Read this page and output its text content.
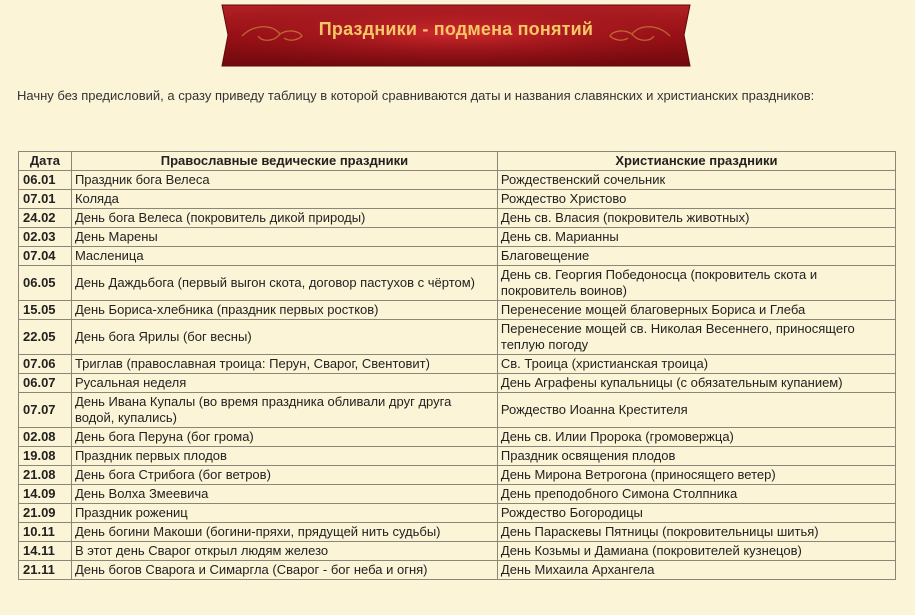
Праздники - подмена понятий
Начну без предисловий, а сразу приведу таблицу в которой сравниваются даты и названия славянских и христианских праздников:
Дата	Православные ведические праздники	Христианские праздники
06.01	Праздник бога Велеса	Рождественский сочельник
07.01	Коляда	Рождество Христово
24.02	День бога Велеса (покровитель дикой природы)	День св. Власия (покровитель животных)
02.03	День Марены	День св. Марианны
07.04	Масленица	Благовещение
06.05	День Даждьбога (первый выгон скота, договор пастухов с чёртом)	День св. Георгия Победоносца (покровитель скота и покровитель воинов)
15.05	День Бориса-хлебника (праздник первых ростков)	Перенесение мощей благоверных Бориса и Глеба
22.05	День бога Ярилы (бог весны)	Перенесение мощей св. Николая Весеннего, приносящего теплую погоду
07.06	Триглав (православная троица: Перун, Сварог, Свентовит)	Св. Троица (христианская троица)
06.07	Русальная неделя	День Аграфены купальницы (с обязательным купанием)
07.07	День Ивана Купалы (во время праздника обливали друг друга водой, купались)	Рождество Иоанна Крестителя
02.08	День бога Перуна (бог грома)	День св. Илии Пророка (громовержца)
19.08	Праздник первых плодов	Праздник освящения плодов
21.08	День бога Стрибога (бог ветров)	День Мирона Ветрогона (приносящего ветер)
14.09	День Волха Змеевича	День преподобного Симона Столпника
21.09	Праздник рожениц	Рождество Богородицы
10.11	День богини Макоши (богини-пряхи, прядущей нить судьбы)	День Параскевы Пятницы (покровительницы шитья)
14.11	В этот день Сварог открыл людям железо	День Козьмы и Дамиана (покровителей кузнецов)
21.11	День богов Сварога и Симаргла (Сварог - бог неба и огня)	День Михаила Архангела
